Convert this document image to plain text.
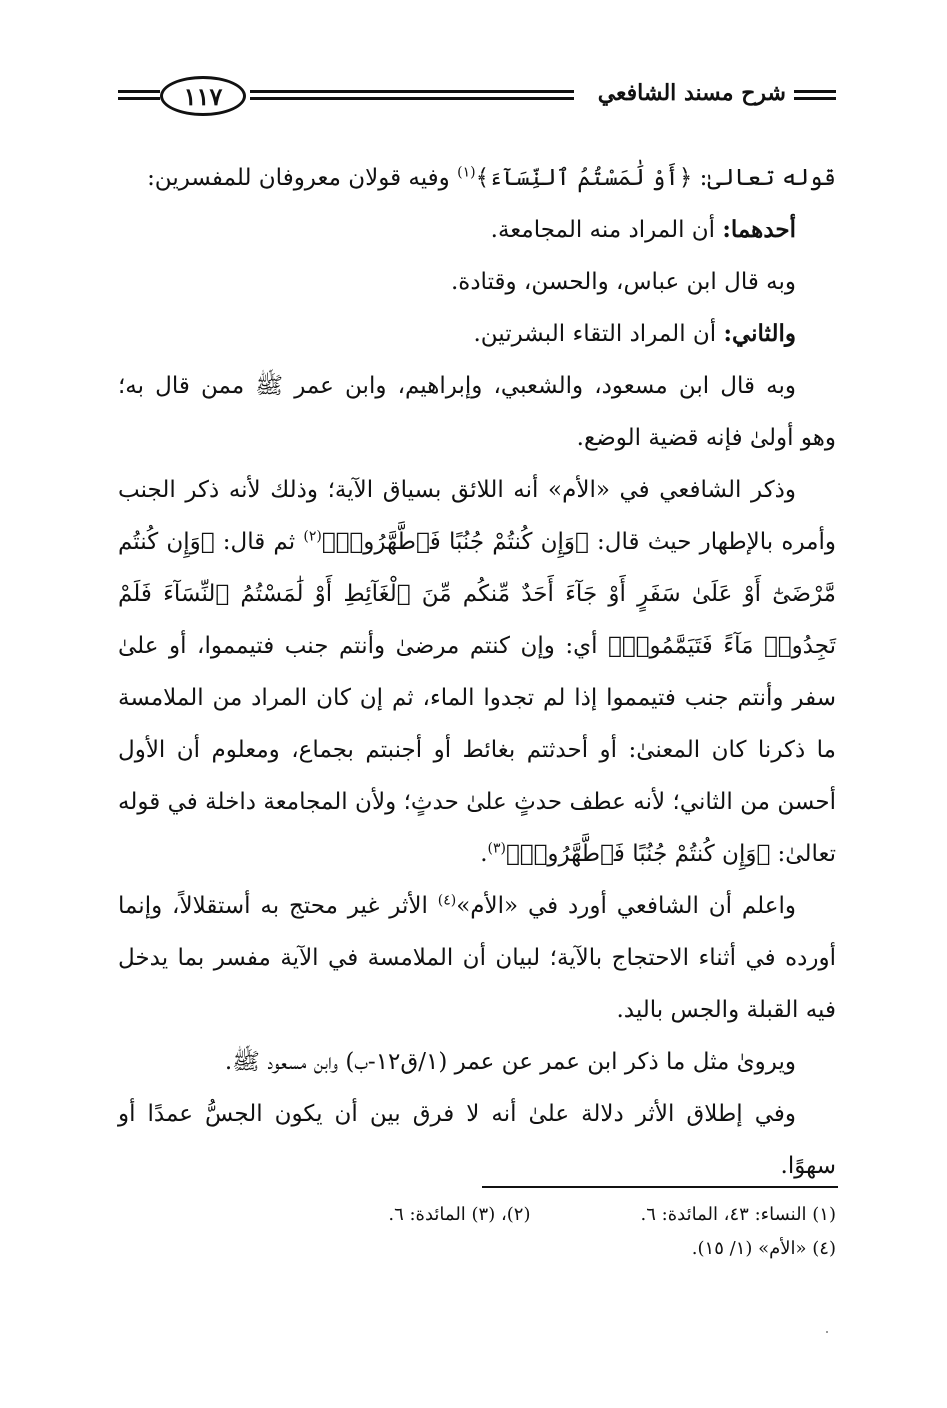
١١٧	شرح مسند الشافعي

قوله تعالىٰ: ﴿أَوْ لَٰمَسْتُمُ ٱلنِّسَآءَ﴾$^{(١)}$ وفيه قولان معروفان للمفسرين:

أحدهما: أن المراد منه المجامعة.

وبه قال ابن عباس، والحسن، وقتادة.

والثاني: أن المراد التقاء البشرتين.

وبه قال ابن مسعود، والشعبي، وإبراهيم، وابن عمر ﷺ ممن قال به؛ وهو أولىٰ فإنه قضية الوضع.

وذكر الشافعي في «الأم» أنه اللائق بسياق الآية؛ وذلك لأنه ذكر الجنب وأمره بالإطهار حيث قال: ﴿وَإِن كُنتُمْ جُنُبًا فَٱطَّهَّرُوا۟﴾$^{(٢)}$ ثم قال: ﴿وَإِن كُنتُم مَّرْضَىٰٓ أَوْ عَلَىٰ سَفَرٍ أَوْ جَآءَ أَحَدٌ مِّنكُم مِّنَ ٱلْغَآئِطِ أَوْ لَٰمَسْتُمُ ٱلنِّسَآءَ فَلَمْ تَجِدُوا۟ مَآءً فَتَيَمَّمُوا۟﴾ أي: وإن كنتم مرضىٰ وأنتم جنب فتيمموا، أو علىٰ سفر وأنتم جنب فتيمموا إذا لم تجدوا الماء، ثم إن كان المراد من الملامسة ما ذكرنا كان المعنىٰ: أو أحدثتم بغائط أو أجنبتم بجماع، ومعلوم أن الأول أحسن من الثاني؛ لأنه عطف حدثٍ علىٰ حدثٍ؛ ولأن المجامعة داخلة في قوله تعالىٰ: ﴿وَإِن كُنتُمْ جُنُبًا فَٱطَّهَّرُوا۟﴾$^{(٣)}$.

واعلم أن الشافعي أورد في «الأم»$^{(٤)}$ الأثر غير محتج به أستقلالاً، وإنما أورده في أثناء الاحتجاج بالآية؛ لبيان أن الملامسة في الآية مفسر بما يدخل فيه القبلة والجس باليد.

ويروىٰ مثل ما ذكر ابن عمر عن عمر (١/ق١٢-ب) وابن مسعود ﷺ.

وفي إطلاق الأثر دلالة علىٰ أنه لا فرق بين أن يكون الجسُّ عمدًا أو سهوًا.

(١) النساء: ٤٣، المائدة: ٦.
(٢)، (٣) المائدة: ٦.
(٤) «الأم» (١/ ١٥).
